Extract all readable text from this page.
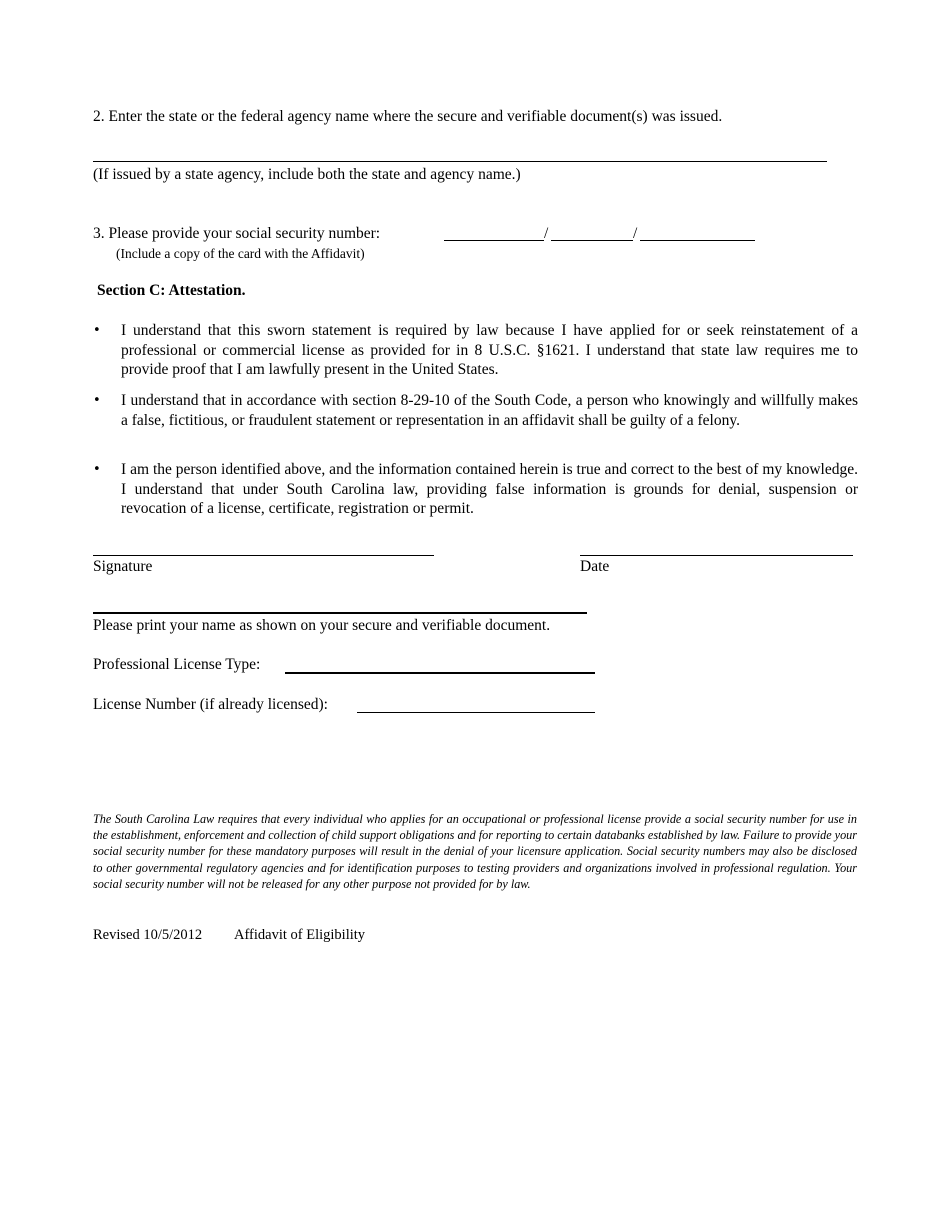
2. Enter the state or the federal agency name where the secure and verifiable document(s) was issued.
(If issued by a state agency, include both the state and agency name.)
3. Please provide your social security number:	/	/
(Include a copy of the card with the Affidavit)
Section C: Attestation.
• I understand that this sworn statement is required by law because I have applied for or seek reinstatement of a professional or commercial license as provided for in 8 U.S.C. §1621. I understand that state law requires me to provide proof that I am lawfully present in the United States.
• I understand that in accordance with section 8-29-10 of the South Code, a person who knowingly and willfully makes a false, fictitious, or fraudulent statement or representation in an affidavit shall be guilty of a felony.
• I am the person identified above, and the information contained herein is true and correct to the best of my knowledge. I understand that under South Carolina law, providing false information is grounds for denial, suspension or revocation of a license, certificate, registration or permit.
Signature	Date
Please print your name as shown on your secure and verifiable document.
Professional License Type:
License Number (if already licensed):
The South Carolina Law requires that every individual who applies for an occupational or professional license provide a social security number for use in the establishment, enforcement and collection of child support obligations and for reporting to certain databanks established by law. Failure to provide your social security number for these mandatory purposes will result in the denial of your licensure application. Social security numbers may also be disclosed to other governmental regulatory agencies and for identification purposes to testing providers and organizations involved in professional regulation. Your social security number will not be released for any other purpose not provided for by law.
Revised 10/5/2012 Affidavit of Eligibility
